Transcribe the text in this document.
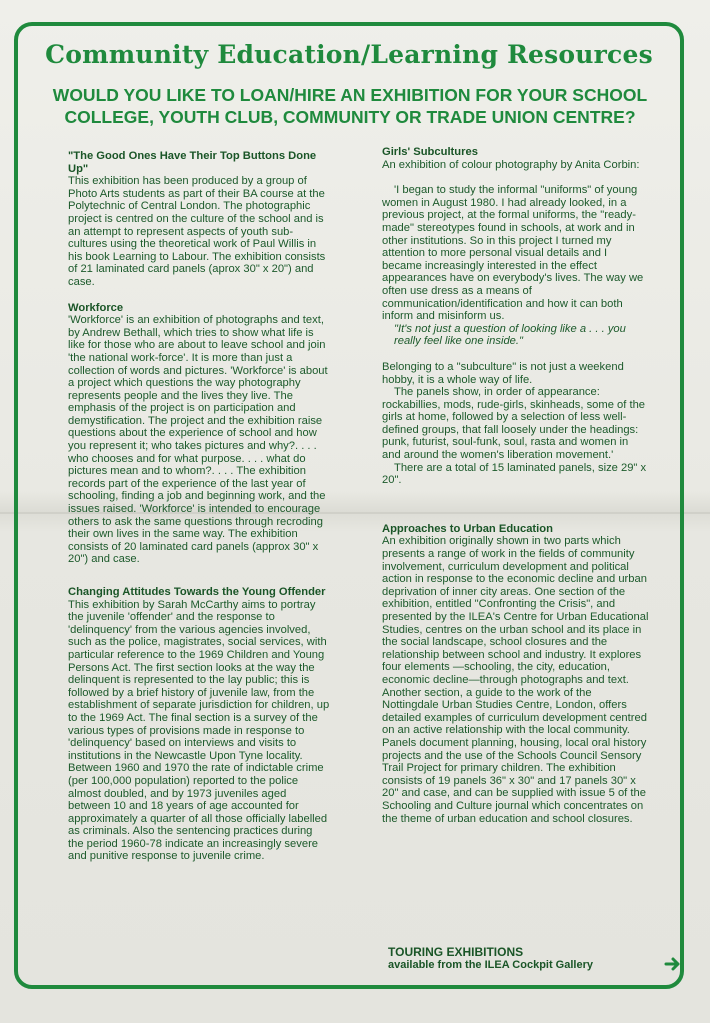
Community Education/Learning Resources
WOULD YOU LIKE TO LOAN/HIRE AN EXHIBITION FOR YOUR SCHOOL COLLEGE, YOUTH CLUB, COMMUNITY OR TRADE UNION CENTRE?
"The Good Ones Have Their Top Buttons Done Up"

This exhibition has been produced by a group of Photo Arts students as part of their BA course at the Polytechnic of Central London. The photographic project is centred on the culture of the school and is an attempt to represent aspects of youth sub-cultures using the theoretical work of Paul Willis in his book Learning to Labour. The exhibition consists of 21 laminated card panels (aprox 30" x 20") and case.

Workforce

'Workforce' is an exhibition of photographs and text, by Andrew Bethall, which tries to show what life is like for those who are about to leave school and join 'the national work-force'. It is more than just a collection of words and pictures. 'Workforce' is about a project which questions the way photography represents people and the lives they live. The emphasis of the project is on participation and demystification. The project and the exhibition raise questions about the experience of school and how you represent it; who takes pictures and why?. . . . who chooses and for what purpose. . . . what do pictures mean and to whom?. . . . The exhibition records part of the experience of the last year of schooling, finding a job and beginning work, and the issues raised. 'Workforce' is intended to encourage others to ask the same questions through recroding their own lives in the same way. The exhibition consists of 20 laminated card panels (approx 30" x 20") and case.

Changing Attitudes Towards the Young Offender

This exhibition by Sarah McCarthy aims to portray the juvenile 'offender' and the response to 'delinquency' from the various agencies involved, such as the police, magistrates, social services, with particular reference to the 1969 Children and Young Persons Act. The first section looks at the way the delinquent is represented to the lay public; this is followed by a brief history of juvenile law, from the establishment of separate jurisdiction for children, up to the 1969 Act. The final section is a survey of the various types of provisions made in response to 'delinquency' based on interviews and visits to institutions in the Newcastle Upon Tyne locality. Between 1960 and 1970 the rate of indictable crime (per 100,000 population) reported to the police almost doubled, and by 1973 juveniles aged between 10 and 18 years of age accounted for approximately a quarter of all those officially labelled as criminals. Also the sentencing practices during the period 1960-78 indicate an increasingly severe and punitive response to juvenile crime.

Girls' Subcultures

An exhibition of colour photography by Anita Corbin:

'I began to study the informal "uniforms" of young women in August 1980. I had already looked, in a previous project, at the formal uniforms, the "ready-made" stereotypes found in schools, at work and in other institutions. So in this project I turned my attention to more personal visual details and I became increasingly interested in the effect appearances have on everybody's lives. The way we often use dress as a means of communication/identification and how it can both inform and misinform us.

"It's not just a question of looking like a . . . you really feel like one inside."

Belonging to a "subculture" is not just a weekend hobby, it is a whole way of life.

The panels show, in order of appearance: rockabillies, mods, rude-girls, skinheads, some of the girls at home, followed by a selection of less well-defined groups, that fall loosely under the headings: punk, futurist, soul-funk, soul, rasta and women in and around the women's liberation movement.'

There are a total of 15 laminated panels, size 29" x 20".

Approaches to Urban Education

An exhibition originally shown in two parts which presents a range of work in the fields of community involvement, curriculum development and political action in response to the economic decline and urban deprivation of inner city areas. One section of the exhibition, entitled "Confronting the Crisis", and presented by the ILEA's Centre for Urban Educational Studies, centres on the urban school and its place in the social landscape, school closures and the relationship between school and industry. It explores four elements —schooling, the city, education, economic decline—through photographs and text. Another section, a guide to the work of the Nottingdale Urban Studies Centre, London, offers detailed examples of curriculum development centred on an active relationship with the local community. Panels document planning, housing, local oral history projects and the use of the Schools Council Sensory Trail Project for primary children. The exhibition consists of 19 panels 36" x 30" and 17 panels 30" x 20" and case, and can be supplied with issue 5 of the Schooling and Culture journal which concentrates on the theme of urban education and school closures.

TOURING EXHIBITIONS
available from the ILEA Cockpit Gallery
